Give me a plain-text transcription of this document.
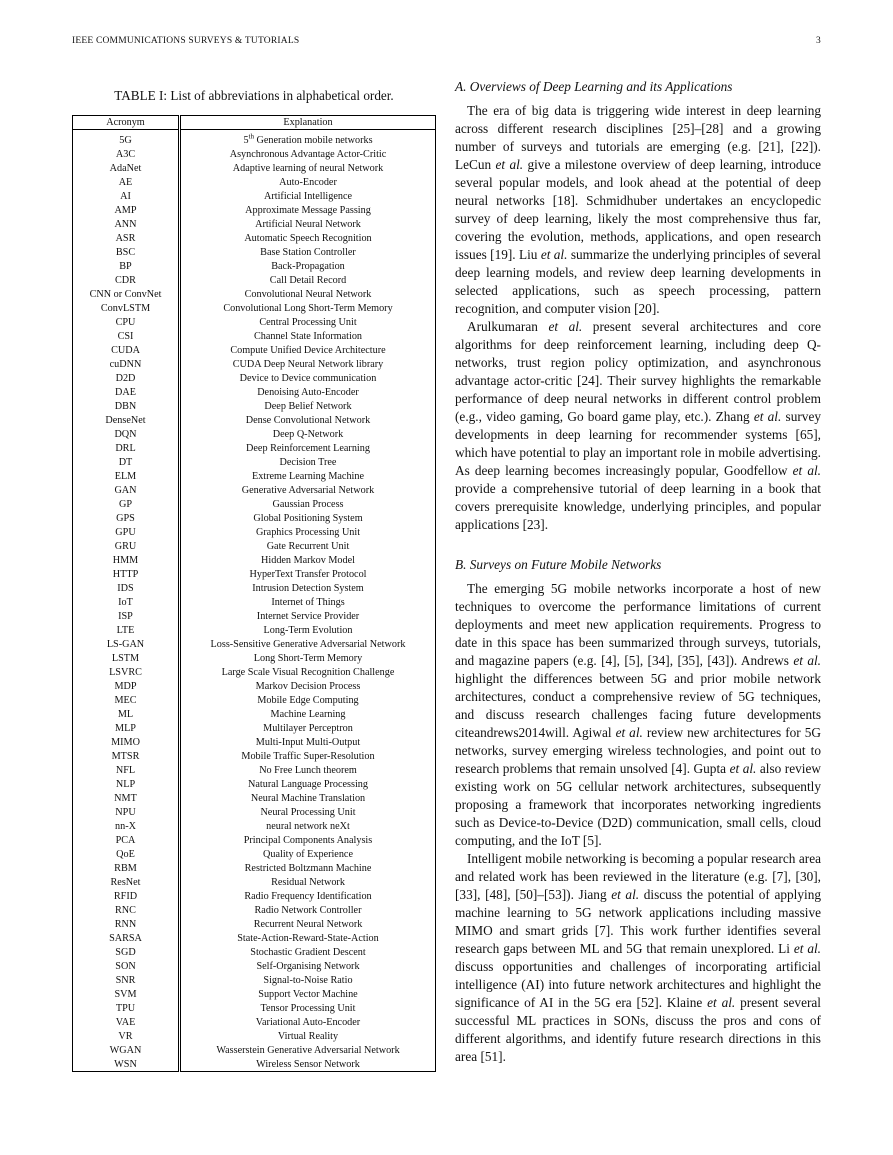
IEEE COMMUNICATIONS SURVEYS & TUTORIALS	3
TABLE I: List of abbreviations in alphabetical order.
Acronym	Explanation
5G	5th Generation mobile networks
A3C	Asynchronous Advantage Actor-Critic
AdaNet	Adaptive learning of neural Network
AE	Auto-Encoder
AI	Artificial Intelligence
AMP	Approximate Message Passing
ANN	Artificial Neural Network
ASR	Automatic Speech Recognition
BSC	Base Station Controller
BP	Back-Propagation
CDR	Call Detail Record
CNN or ConvNet	Convolutional Neural Network
ConvLSTM	Convolutional Long Short-Term Memory
CPU	Central Processing Unit
CSI	Channel State Information
CUDA	Compute Unified Device Architecture
cuDNN	CUDA Deep Neural Network library
D2D	Device to Device communication
DAE	Denoising Auto-Encoder
DBN	Deep Belief Network
DenseNet	Dense Convolutional Network
DQN	Deep Q-Network
DRL	Deep Reinforcement Learning
DT	Decision Tree
ELM	Extreme Learning Machine
GAN	Generative Adversarial Network
GP	Gaussian Process
GPS	Global Positioning System
GPU	Graphics Processing Unit
GRU	Gate Recurrent Unit
HMM	Hidden Markov Model
HTTP	HyperText Transfer Protocol
IDS	Intrusion Detection System
IoT	Internet of Things
ISP	Internet Service Provider
LTE	Long-Term Evolution
LS-GAN	Loss-Sensitive Generative Adversarial Network
LSTM	Long Short-Term Memory
LSVRC	Large Scale Visual Recognition Challenge
MDP	Markov Decision Process
MEC	Mobile Edge Computing
ML	Machine Learning
MLP	Multilayer Perceptron
MIMO	Multi-Input Multi-Output
MTSR	Mobile Traffic Super-Resolution
NFL	No Free Lunch theorem
NLP	Natural Language Processing
NMT	Neural Machine Translation
NPU	Neural Processing Unit
nn-X	neural network neXt
PCA	Principal Components Analysis
QoE	Quality of Experience
RBM	Restricted Boltzmann Machine
ResNet	Residual Network
RFID	Radio Frequency Identification
RNC	Radio Network Controller
RNN	Recurrent Neural Network
SARSA	State-Action-Reward-State-Action
SGD	Stochastic Gradient Descent
SON	Self-Organising Network
SNR	Signal-to-Noise Ratio
SVM	Support Vector Machine
TPU	Tensor Processing Unit
VAE	Variational Auto-Encoder
VR	Virtual Reality
WGAN	Wasserstein Generative Adversarial Network
WSN	Wireless Sensor Network
A. Overviews of Deep Learning and its Applications

The era of big data is triggering wide interest in deep learning across different research disciplines [25]–[28] and a growing number of surveys and tutorials are emerging (e.g. [21], [22]). LeCun et al. give a milestone overview of deep learning, introduce several popular models, and look ahead at the potential of deep neural networks [18]. Schmidhuber undertakes an encyclopedic survey of deep learning, likely the most comprehensive thus far, covering the evolution, methods, applications, and open research issues [19]. Liu et al. summarize the underlying principles of several deep learning models, and review deep learning developments in selected applications, such as speech processing, pattern recognition, and computer vision [20].

Arulkumaran et al. present several architectures and core algorithms for deep reinforcement learning, including deep Q-networks, trust region policy optimization, and asynchronous advantage actor-critic [24]. Their survey highlights the remarkable performance of deep neural networks in different control problem (e.g., video gaming, Go board game play, etc.). Zhang et al. survey developments in deep learning for recommender systems [65], which have potential to play an important role in mobile advertising. As deep learning becomes increasingly popular, Goodfellow et al. provide a comprehensive tutorial of deep learning in a book that covers prerequisite knowledge, underlying principles, and popular applications [23].

B. Surveys on Future Mobile Networks

The emerging 5G mobile networks incorporate a host of new techniques to overcome the performance limitations of current deployments and meet new application requirements. Progress to date in this space has been summarized through surveys, tutorials, and magazine papers (e.g. [4], [5], [34], [35], [43]). Andrews et al. highlight the differences between 5G and prior mobile network architectures, conduct a comprehensive review of 5G techniques, and discuss research challenges facing future developments citeandrews2014will. Agiwal et al. review new architectures for 5G networks, survey emerging wireless technologies, and point out to research problems that remain unsolved [4]. Gupta et al. also review existing work on 5G cellular network architectures, subsequently proposing a framework that incorporates networking ingredients such as Device-to-Device (D2D) communication, small cells, cloud computing, and the IoT [5].

Intelligent mobile networking is becoming a popular research area and related work has been reviewed in the literature (e.g. [7], [30], [33], [48], [50]–[53]). Jiang et al. discuss the potential of applying machine learning to 5G network applications including massive MIMO and smart grids [7]. This work further identifies several research gaps between ML and 5G that remain unexplored. Li et al. discuss opportunities and challenges of incorporating artificial intelligence (AI) into future network architectures and highlight the significance of AI in the 5G era [52]. Klaine et al. present several successful ML practices in SONs, discuss the pros and cons of different algorithms, and identify future research directions in this area [51].
